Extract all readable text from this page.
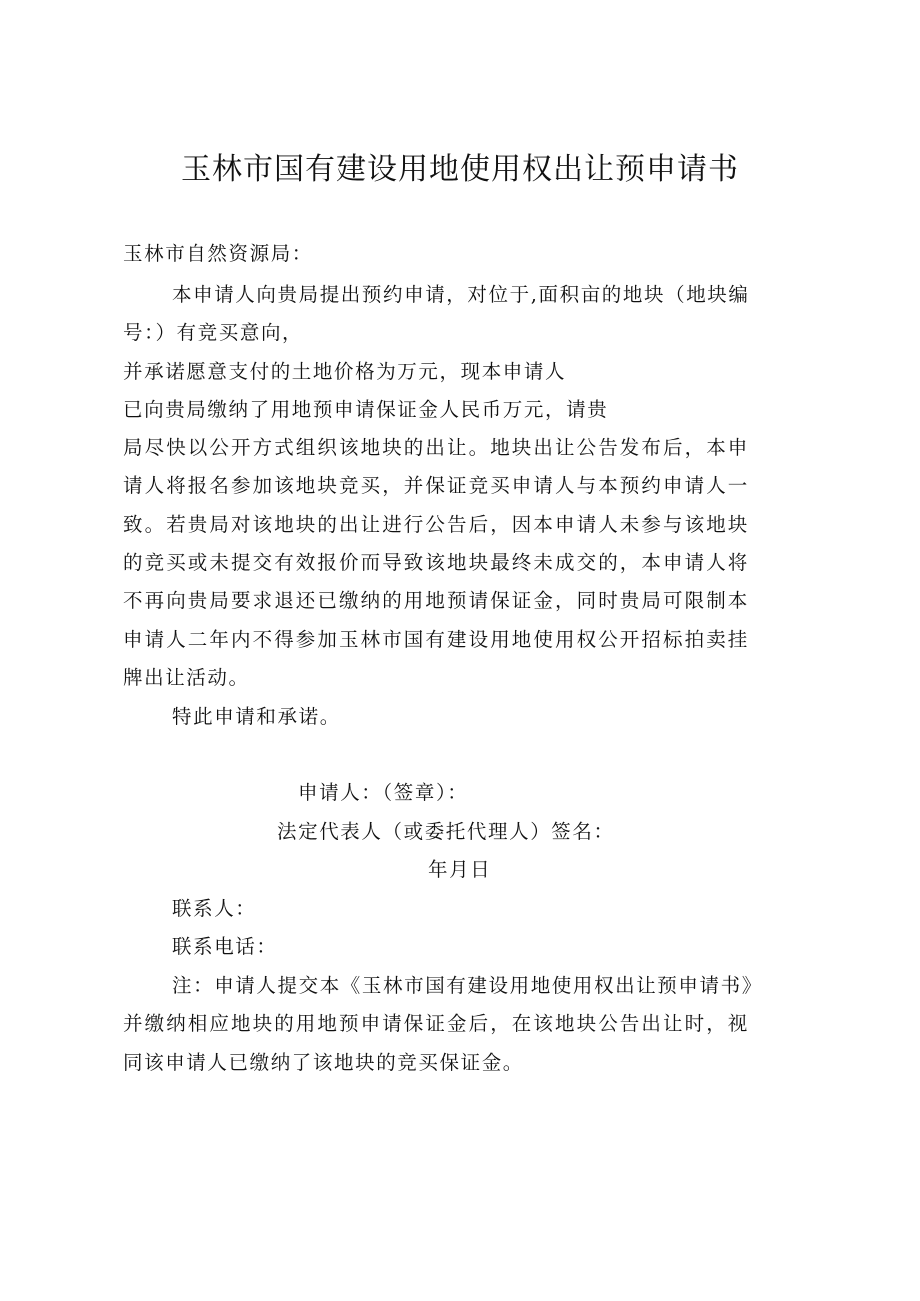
玉林市国有建设用地使用权出让预申请书
玉林市自然资源局：
本申请人向贵局提出预约申请，对位于,面积亩的地块（地块编
号：）有竞买意向，
并承诺愿意支付的土地价格为万元，现本申请人
已向贵局缴纳了用地预申请保证金人民币万元，请贵
局尽快以公开方式组织该地块的出让。地块出让公告发布后，本申
请人将报名参加该地块竞买，并保证竞买申请人与本预约申请人一
致。若贵局对该地块的出让进行公告后，因本申请人未参与该地块
的竞买或未提交有效报价而导致该地块最终未成交的，本申请人将
不再向贵局要求退还已缴纳的用地预请保证金，同时贵局可限制本
申请人二年内不得参加玉林市国有建设用地使用权公开招标拍卖挂
牌出让活动。
特此申请和承诺。
申请人：（签章）：
法定代表人（或委托代理人）签名：
年月日
联系人：
联系电话：
注：申请人提交本《玉林市国有建设用地使用权出让预申请书》
并缴纳相应地块的用地预申请保证金后，在该地块公告出让时，视
同该申请人已缴纳了该地块的竞买保证金。
